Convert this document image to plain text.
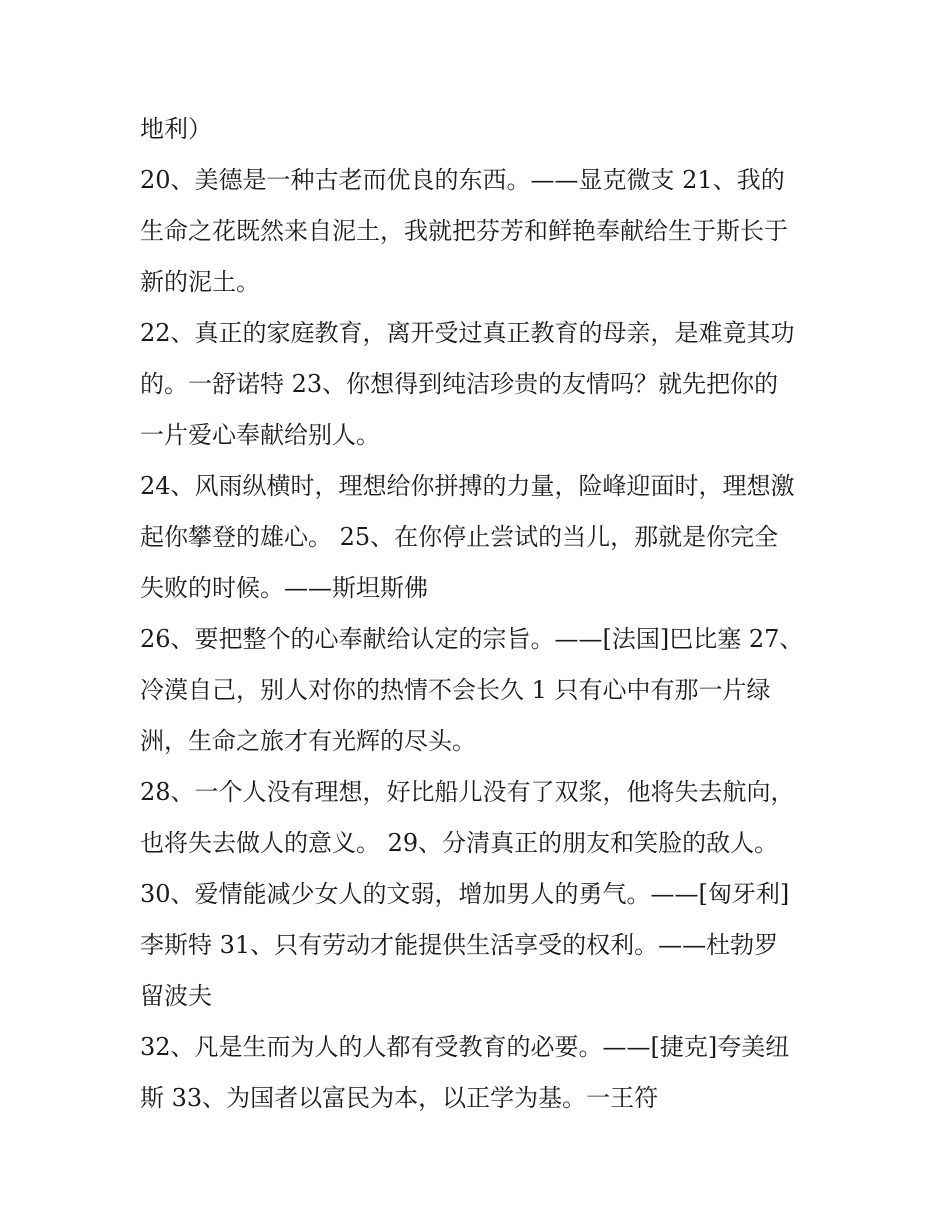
地利）
20、美德是一种古老而优良的东西。——显克微支 21、我的
生命之花既然来自泥土，我就把芬芳和鲜艳奉献给生于斯长于
新的泥土。
22、真正的家庭教育，离开受过真正教育的母亲，是难竟其功
的。一舒诺特 23、你想得到纯洁珍贵的友情吗？就先把你的
一片爱心奉献给别人。
24、风雨纵横时，理想给你拼搏的力量，险峰迎面时，理想激
起你攀登的雄心。 25、在你停止尝试的当儿，那就是你完全
失败的时候。——斯坦斯佛
26、要把整个的心奉献给认定的宗旨。——[法国]巴比塞 27、
冷漠自己，别人对你的热情不会长久 1 只有心中有那一片绿
洲，生命之旅才有光辉的尽头。
28、一个人没有理想，好比船儿没有了双浆，他将失去航向，
也将失去做人的意义。 29、分清真正的朋友和笑脸的敌人。
30、爱情能减少女人的文弱，增加男人的勇气。——[匈牙利]
李斯特 31、只有劳动才能提供生活享受的权利。——杜勃罗
留波夫
32、凡是生而为人的人都有受教育的必要。——[捷克]夸美纽
斯 33、为国者以富民为本，以正学为基。一王符
